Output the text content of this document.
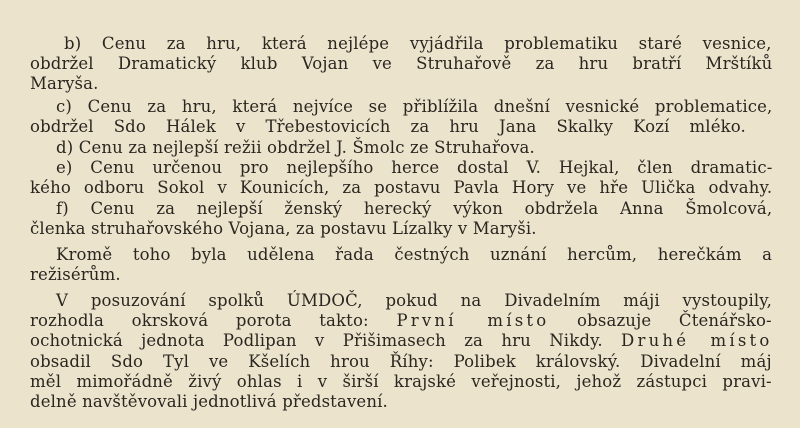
b) Cenu za hru, která nejlépe vyjádřila problematiku staré vesnice,
obdržel Dramatický klub Vojan ve Struhařově za hru bratří Mrštíků
Maryša.
c) Cenu za hru, která nejvíce se přiblížila dnešní vesnické problematice,
obdržel Sdo Hálek v Třebestovicích za hru Jana Skalky Kozí mléko.
d) Cenu za nejlepší režii obdržel J. Šmolc ze Struhařova.
e) Cenu určenou pro nejlepšího herce dostal V. Hejkal, člen dramatic-
kého odboru Sokol v Kounicích, za postavu Pavla Hory ve hře Ulička odvahy.
f) Cenu za nejlepší ženský herecký výkon obdržela Anna Šmolcová,
členka struhařovského Vojana, za postavu Lízalky v Maryši.
Kromě toho byla udělena řada čestných uznání hercům, herečkám a
režisérům.
V posuzování spolků ÚMDOČ, pokud na Divadelním máji vystoupily,
rozhodla okrsková porota takto: První místo obsazuje Čtenářsko-
ochotnická jednota Podlipan v Přišimasech za hru Nikdy. Druhé místo
obsadil Sdo Tyl ve Kšelích hrou Říhy: Polibek královský. Divadelní máj
měl mimořádně živý ohlas i v širší krajské veřejnosti, jehož zástupci pravi-
delně navštěvovali jednotlivá představení.
